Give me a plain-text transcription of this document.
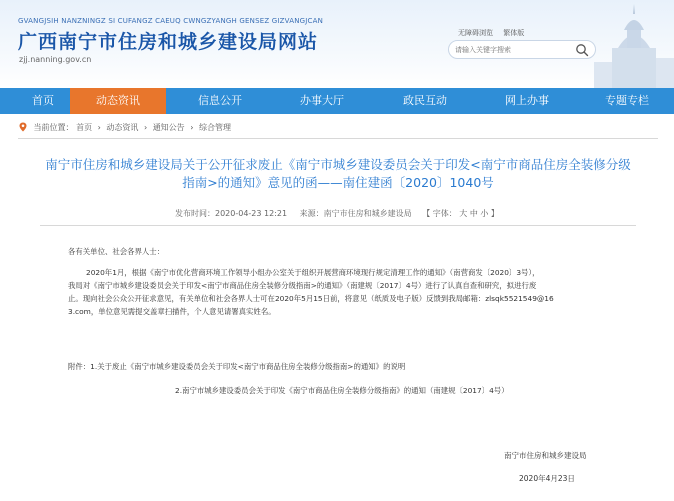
GVANGJSIH NANZNINGZ SI CUFANGZ CAEUQ CWNGZYANGH GENSEZ GIZVANGJCAN
广西南宁市住房和城乡建设局网站
zjj.nanning.gov.cn
无障碍浏览 繁体版
请输入关键字搜索
首页	动态资讯	信息公开	办事大厅	政民互动	网上办事	专题专栏
当前位置： 首页 › 动态资讯 › 通知公告 › 综合管理
南宁市住房和城乡建设局关于公开征求废止《南宁市城乡建设委员会关于印发<南宁市商品住房全装修分级指南>的通知》意见的函——南住建函〔2020〕1040号
发布时间：2020-04-23 12:21 来源：南宁市住房和城乡建设局 【 字体： 大 中 小 】
各有关单位、社会各界人士：
2020年1月，根据《南宁市优化营商环境工作领导小组办公室关于组织开展营商环境现行规定清理工作的通知》（南营商发〔2020〕3号），
我局对《南宁市城乡建设委员会关于印发<南宁市商品住房全装修分级指南>的通知》（南建规〔2017〕4号）进行了认真自查和研究，拟进行废
止。现向社会公众公开征求意见，有关单位和社会各界人士可在2020年5月15日前，将意见（纸质及电子版）反馈到我局邮箱：zlsqk5521549@16
3.com，单位意见需提交盖章扫描件，个人意见请署真实姓名。
附件：1.关于废止《南宁市城乡建设委员会关于印发<南宁市商品住房全装修分级指南>的通知》的说明
2.南宁市城乡建设委员会关于印发《南宁市商品住房全装修分级指南》的通知（南建规〔2017〕4号）
南宁市住房和城乡建设局
2020年4月23日
